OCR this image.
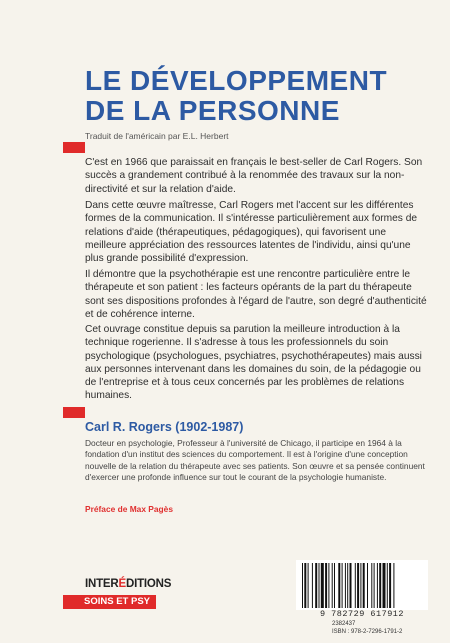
LE DÉVELOPPEMENT
DE LA PERSONNE
Traduit de l'américain par E.L. Herbert

C'est en 1966 que paraissait en français le best-seller de Carl Rogers. Son succès a grandement contribué à la renommée des travaux sur la non-directivité et sur la relation d'aide.

Dans cette œuvre maîtresse, Carl Rogers met l'accent sur les différentes formes de la communication. Il s'intéresse particulièrement aux formes de relations d'aide (thérapeutiques, pédagogiques), qui favorisent une meilleure appréciation des ressources latentes de l'individu, ainsi qu'une plus grande possibilité d'expression.

Il démontre que la psychothérapie est une rencontre particulière entre le thérapeute et son patient : les facteurs opérants de la part du thérapeute sont ses dispositions profondes à l'égard de l'autre, son degré d'authenticité et de cohérence interne.

Cet ouvrage constitue depuis sa parution la meilleure introduction à la technique rogerienne. Il s'adresse à tous les professionnels du soin psychologique (psychologues, psychiatres, psychothérapeutes) mais aussi aux personnes intervenant dans les domaines du soin, de la pédagogie ou de l'entreprise et à tous ceux concernés par les problèmes de relations humaines.

Carl R. Rogers (1902-1987)

Docteur en psychologie, Professeur à l'université de Chicago, il participe en 1964 à la fondation d'un institut des sciences du comportement. Il est à l'origine d'une conception nouvelle de la relation du thérapeute avec ses patients. Son œuvre et sa pensée continuent d'exercer une profonde influence sur tout le courant de la psychologie humaniste.

Préface de Max Pagès
INTERÉDITIONS
SOINS ET PSY
9 782729 617912
2382437
ISBN : 978-2-7296-1791-2
